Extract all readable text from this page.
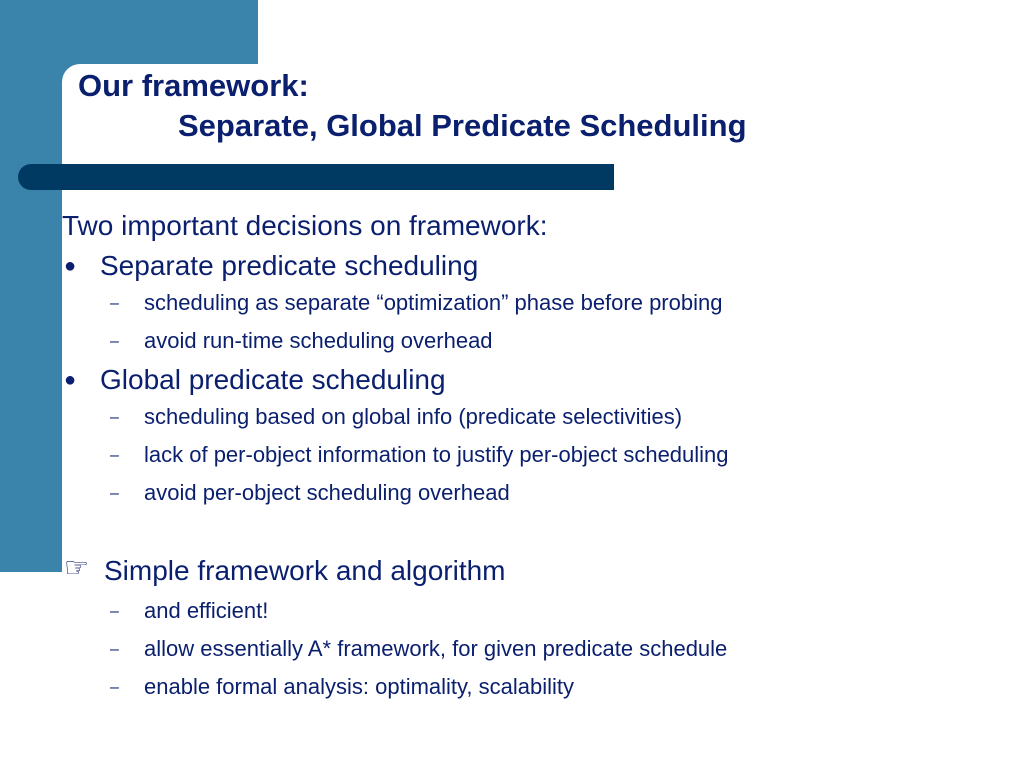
Our framework:
Separate, Global Predicate Scheduling

Two important decisions on framework:

● Separate predicate scheduling
– scheduling as separate “optimization” phase before probing
– avoid run-time scheduling overhead
● Global predicate scheduling
– scheduling based on global info (predicate selectivities)
– lack of per-object information to justify per-object scheduling
– avoid per-object scheduling overhead
☞ Simple framework and algorithm
– and efficient!
– allow essentially A* framework, for given predicate schedule
– enable formal analysis: optimality, scalability
